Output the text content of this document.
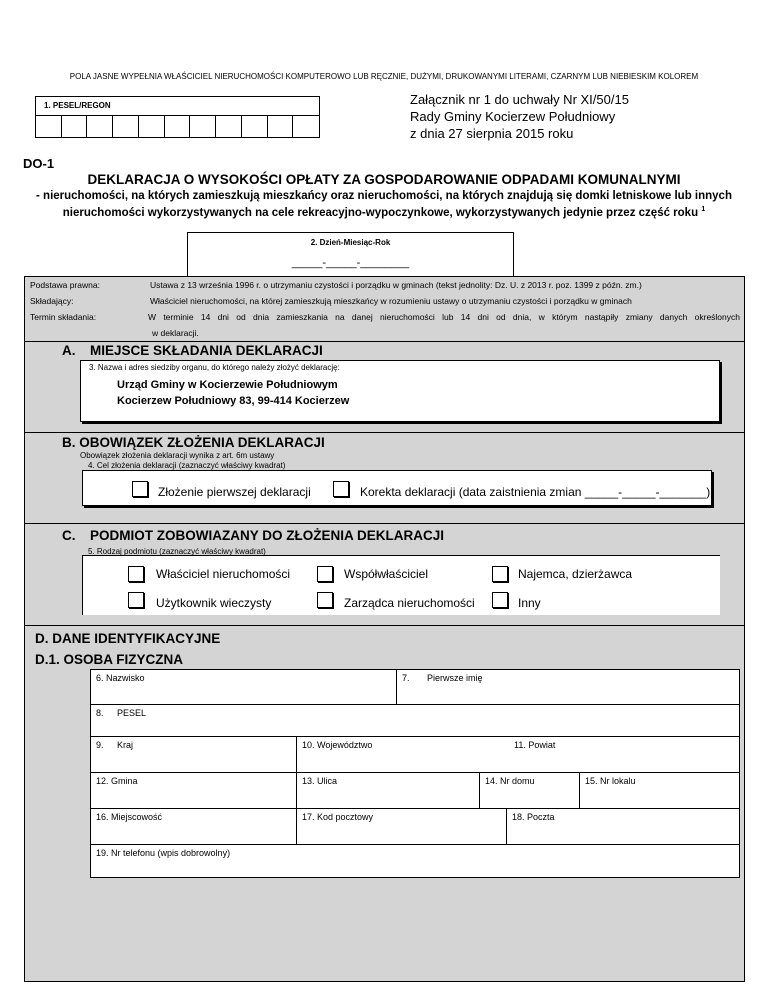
POLA JASNE WYPEŁNIA WŁAŚCICIEL NIERUCHOMOŚCI KOMPUTEROWO LUB RĘCZNIE, DUŻYMI, DRUKOWANYMI LITERAMI, CZARNYM LUB NIEBIESKIM KOLOREM
1. PESEL/REGON	Załącznik nr 1 do uchwały Nr XI/50/15
Rady Gminy Kocierzew Południowy
z dnia 27 sierpnia 2015 roku
DO-1
DEKLARACJA O WYSOKOŚCI OPŁATY ZA GOSPODAROWANIE ODPADAMI KOMUNALNYMI
- nieruchomości, na których zamieszkują mieszkańcy oraz nieruchomości, na których znajdują się domki letniskowe lub innych
nieruchomości wykorzystywanych na cele rekreacyjno-wypoczynkowe, wykorzystywanych jedynie przez część roku $^1$
2. Dzień-Miesiąc-Rok
_____-_____-________
Podstawa prawna:	Ustawa z 13 września 1996 r. o utrzymaniu czystości i porządku w gminach (tekst jednolity: Dz. U. z 2013 r. poz. 1399 z późn. zm.)
Składający:	Właściciel nieruchomości, na której zamieszkują mieszkańcy w rozumieniu ustawy o utrzymaniu czystości i porządku w gminach
Termin składania:	W terminie 14 dni od dnia zamieszkania na danej nieruchomości lub 14 dni od dnia, w którym nastąpiły zmiany danych określonych
w deklaracji.
A. MIEJSCE SKŁADANIA DEKLARACJI
3. Nazwa i adres siedziby organu, do którego należy złożyć deklarację:
Urząd Gminy w Kocierzewie Południowym
Kocierzew Południowy 83, 99-414 Kocierzew
B. OBOWIĄZEK ZŁOŻENIA DEKLARACJI
Obowiązek złożenia deklaracji wynika z art. 6m ustawy
4. Cel złożenia deklaracji (zaznaczyć właściwy kwadrat)
Złożenie pierwszej deklaracji	Korekta deklaracji (data zaistnienia zmian _____-_____-_______)
C. PODMIOT ZOBOWIAZANY DO ZŁOŻENIA DEKLARACJI
5. Rodzaj podmiotu (zaznaczyć właściwy kwadrat)
Właściciel nieruchomości	Współwłaściciel	Najemca, dzierżawca
Użytkownik wieczysty	Zarządca nieruchomości	Inny
D. DANE IDENTYFIKACYJNE
D.1. OSOBA FIZYCZNA
6. Nazwisko	7. Pierwsze imię
8. PESEL
9. Kraj	10. Województwo	11. Powiat
12. Gmina	13. Ulica	14. Nr domu	15. Nr lokalu
16. Miejscowość	17. Kod pocztowy	18. Poczta
19. Nr telefonu (wpis dobrowolny)
